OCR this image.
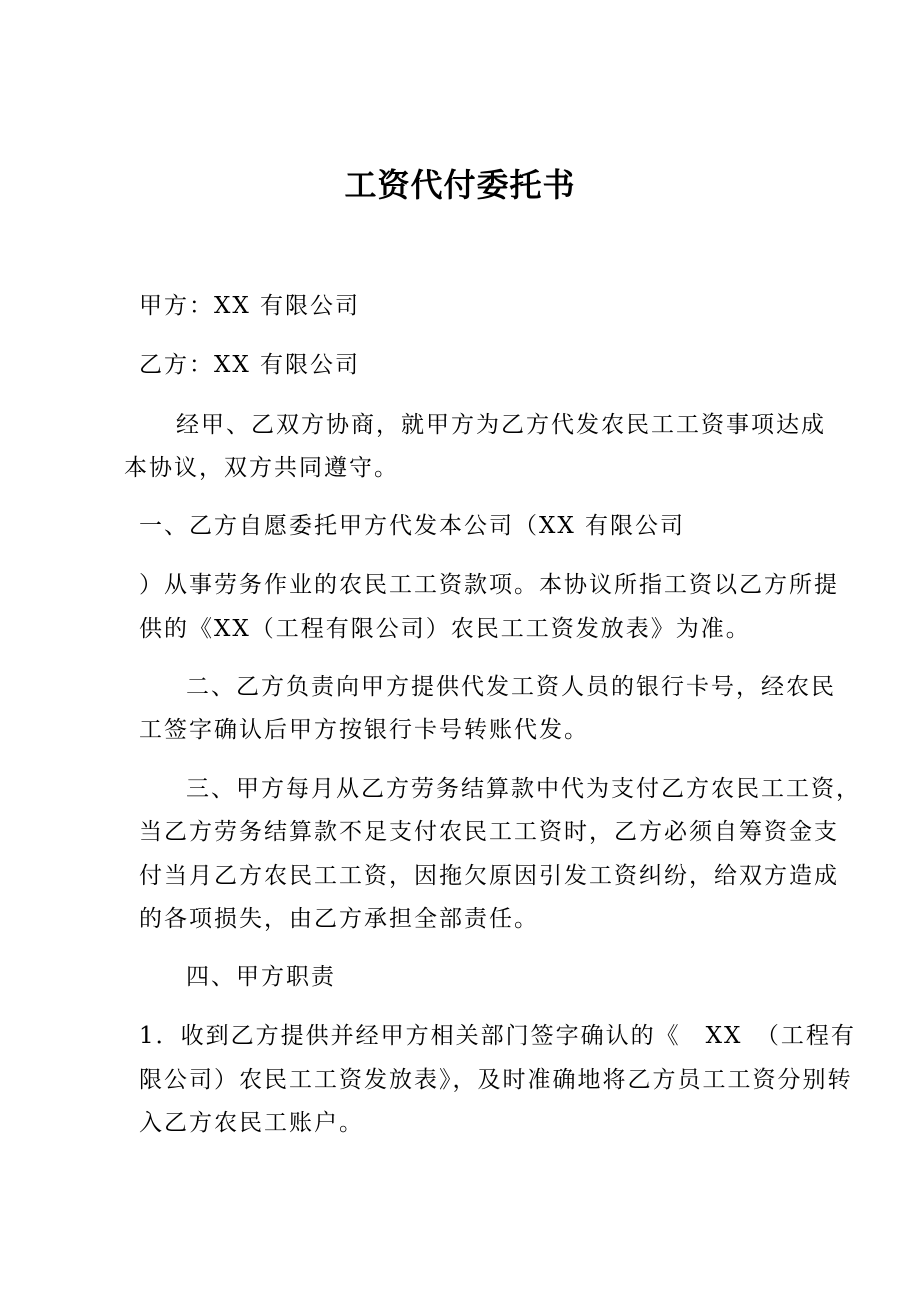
工资代付委托书
甲方：XX 有限公司
乙方：XX 有限公司
经甲、乙双方协商，就甲方为乙方代发农民工工资事项达成
本协议，双方共同遵守。
一、乙方自愿委托甲方代发本公司（XX 有限公司
）从事劳务作业的农民工工资款项。本协议所指工资以乙方所提
供的《XX（工程有限公司）农民工工资发放表》为准。
二、乙方负责向甲方提供代发工资人员的银行卡号，经农民
工签字确认后甲方按银行卡号转账代发。
三、甲方每月从乙方劳务结算款中代为支付乙方农民工工资，
当乙方劳务结算款不足支付农民工工资时，乙方必须自筹资金支
付当月乙方农民工工资，因拖欠原因引发工资纠纷，给双方造成
的各项损失，由乙方承担全部责任。
四、甲方职责
1．收到乙方提供并经甲方相关部门签字确认的《　XX　（工程有
限公司）农民工工资发放表》，及时准确地将乙方员工工资分别转
入乙方农民工账户。
